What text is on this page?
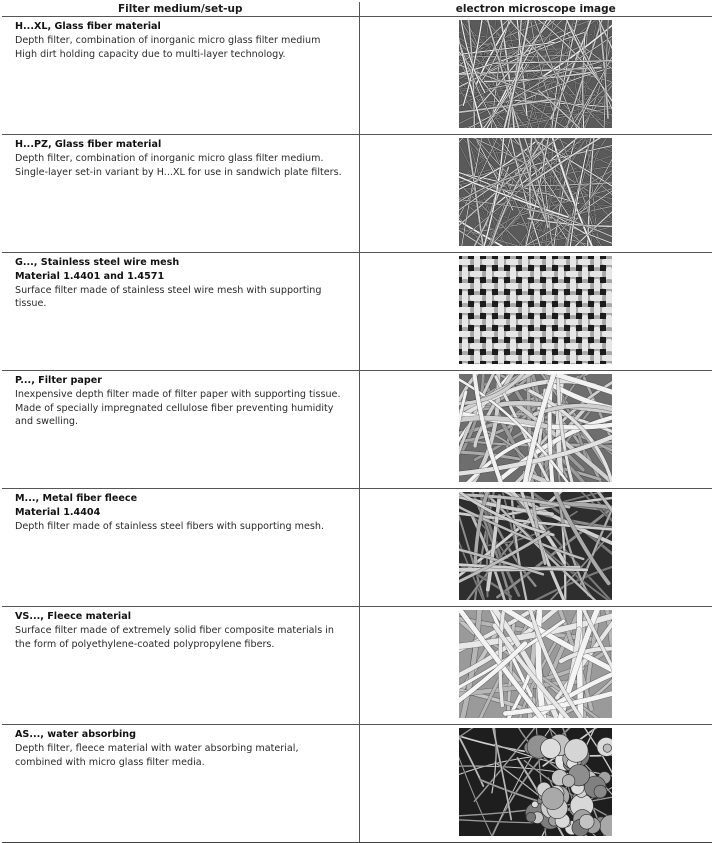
Filter medium/set-up	electron microscope image

H...XL, Glass fiber material
Depth filter, combination of inorganic micro glass filter medium
High dirt holding capacity due to multi-layer technology.

H...PZ, Glass fiber material
Depth filter, combination of inorganic micro glass filter medium.
Single-layer set-in variant by H...XL for use in sandwich plate filters.

G..., Stainless steel wire mesh
Material 1.4401 and 1.4571
Surface filter made of stainless steel wire mesh with supporting
tissue.

P..., Filter paper
Inexpensive depth filter made of filter paper with supporting tissue.
Made of specially impregnated cellulose fiber preventing humidity
and swelling.

M..., Metal fiber fleece
Material 1.4404
Depth filter made of stainless steel fibers with supporting mesh.

VS..., Fleece material
Surface filter made of extremely solid fiber composite materials in
the form of polyethylene-coated polypropylene fibers.

AS..., water absorbing
Depth filter, fleece material with water absorbing material,
combined with micro glass filter media.
